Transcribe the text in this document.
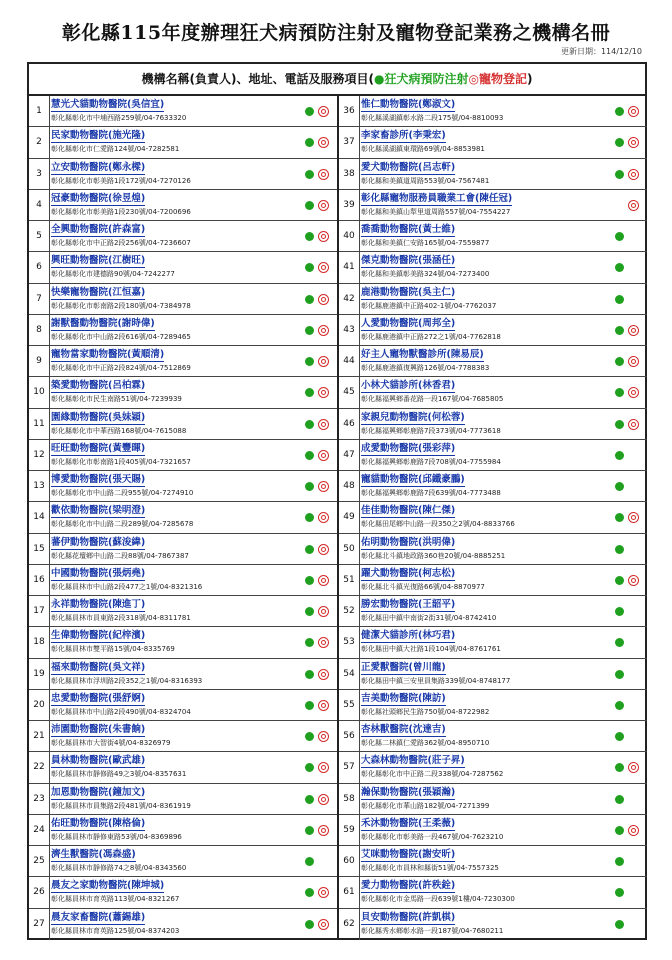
彰化縣115年度辦理狂犬病預防注射及寵物登記業務之機構名冊
更新日期：114/12/10
機構名稱(負責人)、地址、電話及服務項目(●狂犬病預防注射◎寵物登記)
1
慧光犬貓動物醫院(吳信宜)
彰化縣彰化市中埔西路259號/04-7633320
2
民家動物醫院(施光隆)
彰化縣彰化市仁愛路124號/04-7282581
3
立安動物醫院(鄭永樑)
彰化縣彰化市彰美路1段172號/04-7270126
4
冠豪動物醫院(徐昱煌)
彰化縣彰化市彰美路1段230號/04-7200696
5
全興動物醫院(許森富)
彰化縣彰化市中正路2段256號/04-7236607
6
興旺動物醫院(江樹旺)
彰化縣彰化市建德路90號/04-7242277
7
快樂寵物醫院(江恒嘉)
彰化縣彰化市彰南路2段180號/04-7384978
8
謝獸醫動物醫院(謝時偉)
彰化縣彰化市中山路2段616號/04-7289465
9
寵物當家動物醫院(黃順清)
彰化縣彰化市中正路2段824號/04-7512869
10
築愛動物醫院(呂柏霖)
彰化縣彰化市民生南路51號/04-7239939
11
園緣動物醫院(吳妹穎)
彰化縣彰化市中華西路168號/04-7615088
12
旺旺動物醫院(黃豐暉)
彰化縣彰化市彰南路1段405號/04-7321657
13
博愛動物醫院(張天賜)
彰化縣彰化市中山路二段955號/04-7274910
14
歡依動物醫院(梁明澄)
彰化縣彰化市中山路二段289號/04-7285678
15
蕃伊動物醫院(蘇浚緯)
彰化縣花壇鄉中山路二段88號/04-7867387
16
中國動物醫院(張炳堯)
彰化縣員林市中山路2段477之1號/04-8321316
17
永祥動物醫院(陳進丁)
彰化縣員林市員東路2段318號/04-8311781
18
生偉動物醫院(紀梓濱)
彰化縣員林市雙平路15號/04-8335769
19
福來動物醫院(吳文祥)
彰化縣員林市浮圳路2段352之1號/04-8316393
20
忠愛動物醫院(張舒婀)
彰化縣員林市中山路2段490號/04-8324704
21
沛園動物醫院(朱書餉)
彰化縣員林市大智街4號/04-8326979
22
員林動物醫院(歐武雄)
彰化縣員林市靜修路49之3號/04-8357631
23
加恩動物醫院(鐘加文)
彰化縣員林市員集路2段481號/04-8361919
24
佑旺動物醫院(陳格倫)
彰化縣員林市靜修東路53號/04-8369896
25
濟生獸醫院(馮森盛)
彰化縣員林市靜修路74之8號/04-8343560
26
晨友之家動物醫院(陳坤城)
彰化縣員林市育英路113號/04-8321267
27
晨友家畜醫院(蕭錫雄)
彰化縣員林市育英路125號/04-8374203
36
惟仁動物醫院(鄭淑文)
彰化縣溪湖鎮彰水路二段175號/04-8810093
37
李家畜診所(李秉宏)
彰化縣溪湖鎮東環路69號/04-8853981
38
愛犬動物醫院(呂志軒)
彰化縣和美鎮道周路553號/04-7567481
39
彰化縣寵物服務員職業工會(陳任冠)
彰化縣和美鎮山犁里道周路557號/04-7554227
40
喬喬動物醫院(黃士維)
彰化縣和美鎮仁安路165號/04-7559877
41
傑克動物醫院(張涵任)
彰化縣和美鎮彰美路324號/04-7273400
42
鹿港動物醫院(吳主仁)
彰化縣鹿港鎮中正路402-1號/04-7762037
43
人愛動物醫院(周邦全)
彰化縣鹿港鎮中正路272之1號/04-7762818
44
好主人寵物獸醫診所(陳易辰)
彰化縣鹿港鎮復興路126號/04-7788383
45
小林犬貓診所(林香君)
彰化縣福興鄉番花路一段167號/04-7685805
46
家親兒動物醫院(何松蓉)
彰化縣福興鄉彰鹿路7段373號/04-7773618
47
成愛動物醫院(張彩萍)
彰化縣福興鄉彰鹿路7段708號/04-7755984
48
寵貓動物醫院(邱鐵豪鵬)
彰化縣福興鄉彰鹿路7段639號/04-7773488
49
佳佳動物醫院(陳仁傑)
彰化縣田尾鄉中山路一段350之2號/04-8833766
50
佑明動物醫院(洪明偉)
彰化縣北斗鎮地政路360巷20號/04-8885251
51
躍犬動物醫院(柯志松)
彰化縣北斗鎮光復路66號/04-8870977
52
勝宏動物醫院(王韶平)
彰化縣田中鎮中南街2街31號/04-8742410
53
健潔犬貓診所(林巧君)
彰化縣田中鎮大社路1段104號/04-8761761
54
正愛獸醫院(曾川龍)
彰化縣田中鎮三安里員集路339號/04-8748177
55
吉美動物醫院(陳訪)
彰化縣社頭鄉民生路750號/04-8722982
56
杏林獸醫院(沈達吉)
彰化縣二林鎮仁愛路362號/04-8950710
57
大森林動物醫院(莊子昇)
彰化縣彰化市中正路二段338號/04-7287562
58
瀚保動物醫院(張穎瀚)
彰化縣彰化市華山路182號/04-7271399
59
禾沐動物醫院(王柔薇)
彰化縣彰化市彰美路一段467號/04-7623210
60
艾咪動物醫院(謝安昕)
彰化縣彰化市員林和縣街51號/04-7557325
61
愛力動物醫院(許秩銓)
彰化縣彰化市金馬路一段639號1樓/04-7230300
62
貝安動物醫院(許凱棋)
彰化縣秀水鄉彰水路一段187號/04-7680211
